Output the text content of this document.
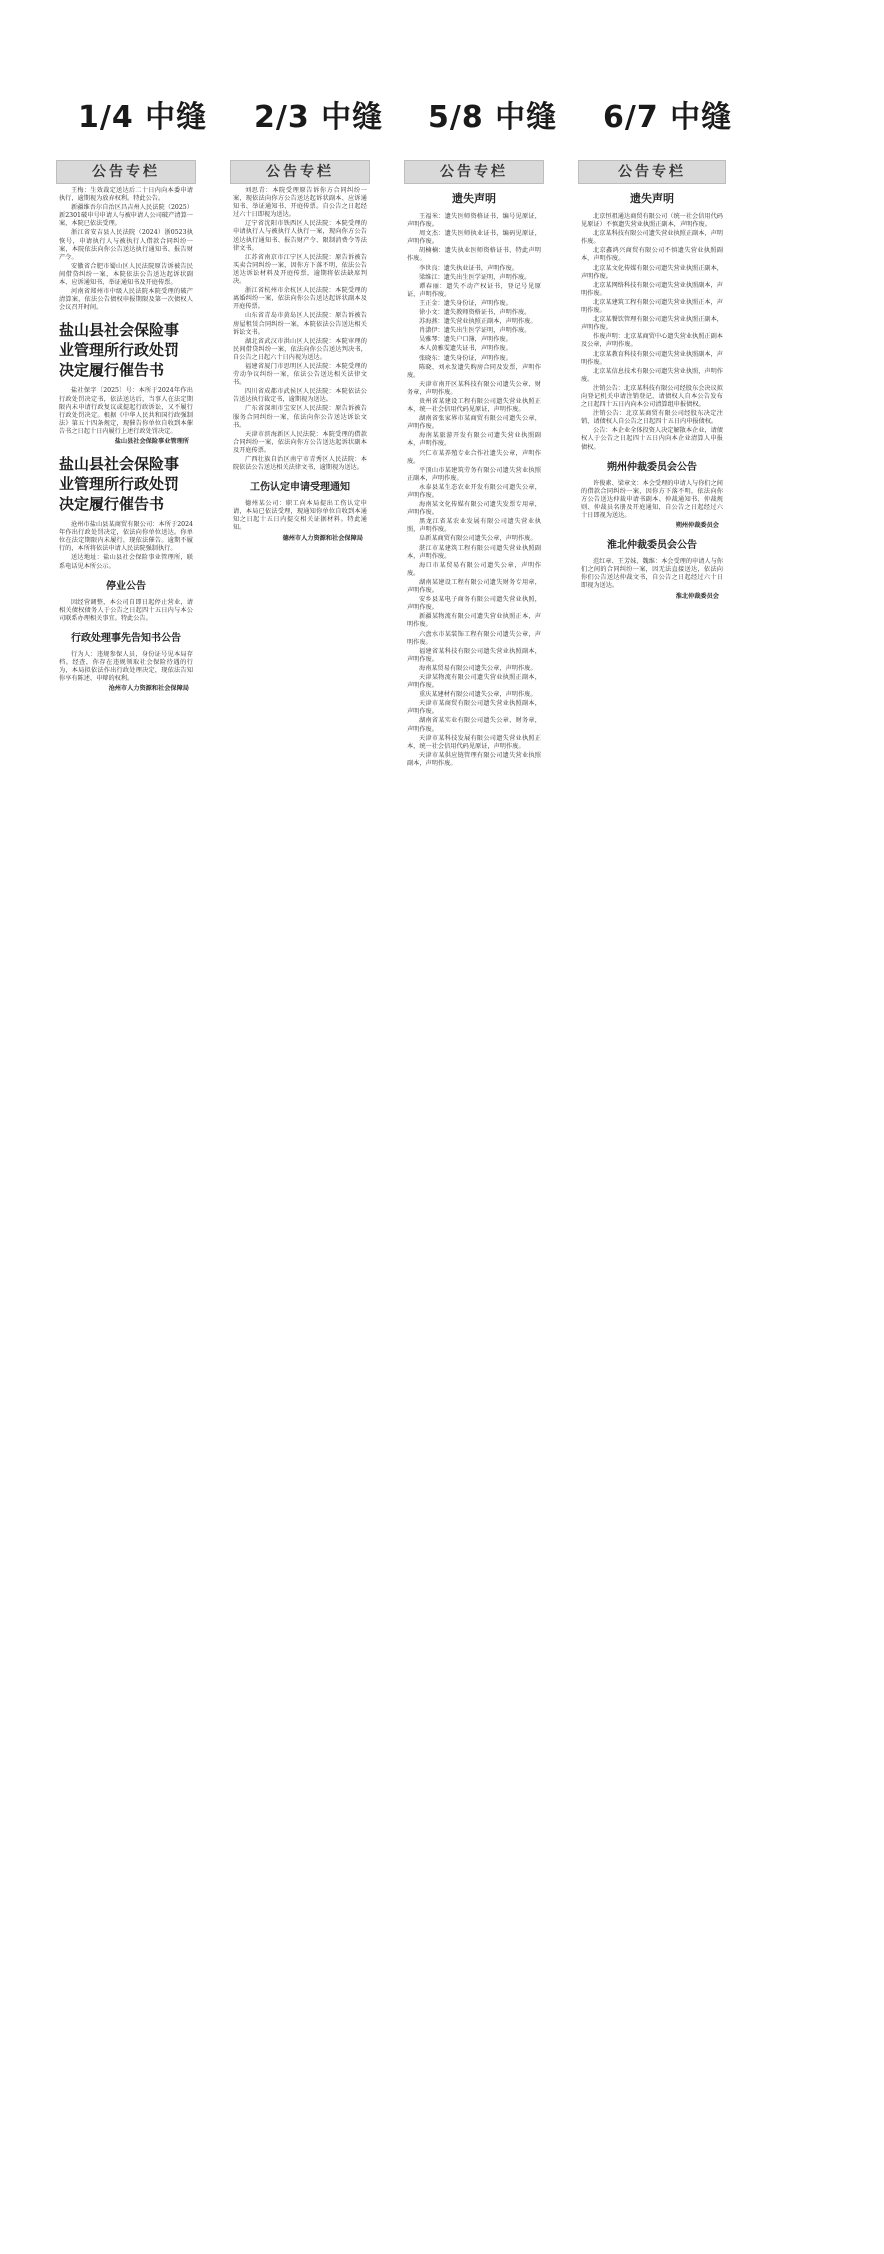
1/4 中缝 2/3 中缝 5/8 中缝 6/7 中缝
公告专栏

王梅：生效裁定送达后二十日内向本委申请执行，逾期视为放弃权利。特此公告。

新疆维吾尔自治区昌吉州人民法院（2025）新2301破申号申请人与被申请人公司破产清算一案，本院已依法受理。

浙江省安吉县人民法院（2024）浙0523执恢号，申请执行人与被执行人借款合同纠纷一案，本院依法向你公告送达执行通知书、报告财产令。

安徽省合肥市蜀山区人民法院原告诉被告民间借贷纠纷一案，本院依法公告送达起诉状副本、应诉通知书、举证通知书及开庭传票。

河南省郑州市中级人民法院本院受理的破产清算案，依法公告债权申报期限及第一次债权人会议召开时间。

盐山县社会保险事业管理所行政处罚决定履行催告书

盐社保字〔2025〕号：本所于2024年作出行政处罚决定书，依法送达后，当事人在法定期限内未申请行政复议或提起行政诉讼，又不履行行政处罚决定。根据《中华人民共和国行政强制法》第五十四条规定，现催告你单位自收到本催告书之日起十日内履行上述行政处罚决定。

盐山县社会保险事业管理所
盐山县社会保险事业管理所行政处罚决定履行催告书

沧州市盐山县某商贸有限公司：本所于2024年作出行政处罚决定，依法向你单位送达。你单位在法定期限内未履行，现依法催告。逾期不履行的，本所将依法申请人民法院强制执行。

送达地址：盐山县社会保险事业管理所，联系电话见本所公示。

停业公告

因经营调整，本公司自即日起停止营业，请相关债权债务人于公告之日起四十五日内与本公司联系办理相关事宜。特此公告。

行政处理事先告知书公告

行为人：违规参保人员，身份证号见本局存档。经查，你存在违规领取社会保险待遇的行为，本局拟依法作出行政处理决定，现依法告知你享有陈述、申辩的权利。

沧州市人力资源和社会保障局
公告专栏

刘思青：本院受理原告诉你方合同纠纷一案，现依法向你方公告送达起诉状副本、应诉通知书、举证通知书、开庭传票。自公告之日起经过六十日即视为送达。

辽宁省沈阳市铁西区人民法院：本院受理的申请执行人与被执行人执行一案，现向你方公告送达执行通知书、报告财产令、限制消费令等法律文书。

江苏省南京市江宁区人民法院：原告诉被告买卖合同纠纷一案，因你方下落不明，依法公告送达诉讼材料及开庭传票，逾期将依法缺席判决。

浙江省杭州市余杭区人民法院：本院受理的离婚纠纷一案，依法向你公告送达起诉状副本及开庭传票。

山东省青岛市黄岛区人民法院：原告诉被告房屋租赁合同纠纷一案，本院依法公告送达相关诉讼文书。

湖北省武汉市洪山区人民法院：本院审理的民间借贷纠纷一案，依法向你公告送达判决书，自公告之日起六十日内视为送达。

福建省厦门市思明区人民法院：本院受理的劳动争议纠纷一案，依法公告送达相关法律文书。

四川省成都市武侯区人民法院：本院依法公告送达执行裁定书，逾期视为送达。

广东省深圳市宝安区人民法院：原告诉被告服务合同纠纷一案，依法向你公告送达诉讼文书。

天津市滨海新区人民法院：本院受理的借款合同纠纷一案，依法向你方公告送达起诉状副本及开庭传票。

广西壮族自治区南宁市青秀区人民法院：本院依法公告送达相关法律文书，逾期视为送达。

工伤认定申请受理通知

德州某公司：职工向本局提出工伤认定申请，本局已依法受理，现通知你单位自收到本通知之日起十五日内提交相关证据材料。特此通知。

德州市人力资源和社会保障局
公告专栏
遗失声明

王福米：遗失医师资格证书，编号见原证，声明作废。

周文杰：遗失医师执业证书，编码见原证，声明作废。

胡楠楠：遗失执业医师资格证书，特此声明作废。

李世良：遗失执业证书，声明作废。

梁维江：遗失出生医学证明，声明作废。

谭春丽：遗失不动产权证书，登记号见原证，声明作废。

王正金：遗失身份证，声明作废。

徐小文：遗失教师资格证书，声明作废。

苏海燕：遗失营业执照正副本，声明作废。

肖潇伊：遗失出生医学证明，声明作废。

吴雅琴：遗失户口簿，声明作废。

本人黄雅雯遗失证书，声明作废。

张晓东：遗失身份证，声明作废。

陈晓、刘永发遗失购房合同及发票，声明作废。

天津市南开区某科技有限公司遗失公章、财务章，声明作废。

贵州省某建设工程有限公司遗失营业执照正本，统一社会信用代码见原证，声明作废。

湖南省张家界市某商贸有限公司遗失公章，声明作废。

海南某旅游开发有限公司遗失营业执照副本，声明作废。

兴仁市某养殖专业合作社遗失公章，声明作废。

平顶山市某建筑劳务有限公司遗失营业执照正副本，声明作废。

永泰县某生态农业开发有限公司遗失公章，声明作废。

海南某文化传媒有限公司遗失发票专用章，声明作废。

黑龙江省某农业发展有限公司遗失营业执照，声明作废。

阜新某商贸有限公司遗失公章，声明作废。

湛江市某建筑工程有限公司遗失营业执照副本，声明作废。

海口市某贸易有限公司遗失公章，声明作废。

湖南某建设工程有限公司遗失财务专用章，声明作废。

安乡县某电子商务有限公司遗失营业执照，声明作废。

新疆某物流有限公司遗失营业执照正本，声明作废。

六盘水市某装饰工程有限公司遗失公章，声明作废。

福建省某科技有限公司遗失营业执照副本，声明作废。

海南某贸易有限公司遗失公章，声明作废。

天津某物流有限公司遗失营业执照正副本，声明作废。

重庆某建材有限公司遗失公章，声明作废。

天津市某商贸有限公司遗失营业执照副本，声明作废。

湖南省某实业有限公司遗失公章、财务章，声明作废。

天津市某科技发展有限公司遗失营业执照正本，统一社会信用代码见原证，声明作废。

天津市某供应链管理有限公司遗失营业执照副本，声明作废。

公告专栏
遗失声明

北京恒祖通达商贸有限公司（统一社会信用代码见原证）不慎遗失营业执照正副本，声明作废。

北京某科技有限公司遗失营业执照正副本，声明作废。

北京鑫鸿兴商贸有限公司不慎遗失营业执照副本，声明作废。

北京某文化传媒有限公司遗失营业执照正副本，声明作废。

北京某网络科技有限公司遗失营业执照副本，声明作废。

北京某建筑工程有限公司遗失营业执照正本，声明作废。

北京某餐饮管理有限公司遗失营业执照正副本，声明作废。

作废声明：北京某商贸中心遗失营业执照正副本及公章，声明作废。

北京某教育科技有限公司遗失营业执照副本，声明作废。

北京某信息技术有限公司遗失营业执照，声明作废。

注销公告：北京某科技有限公司经股东会决议拟向登记机关申请注销登记，请债权人自本公告发布之日起四十五日内向本公司清算组申报债权。

注销公告：北京某商贸有限公司经股东决定注销，请债权人自公告之日起四十五日内申报债权。

公告：本企业全体投资人决定解散本企业，请债权人于公告之日起四十五日内向本企业清算人申报债权。

朔州仲裁委员会公告

许俊素、梁章文：本会受理的申请人与你们之间的借款合同纠纷一案，因你方下落不明，依法向你方公告送达仲裁申请书副本、仲裁通知书、仲裁规则、仲裁员名册及开庭通知，自公告之日起经过六十日即视为送达。

朔州仲裁委员会
淮北仲裁委员会公告

范红章、王芳妹、魏维：本会受理的申请人与你们之间的合同纠纷一案，因无法直接送达，依法向你们公告送达仲裁文书，自公告之日起经过六十日即视为送达。

淮北仲裁委员会
